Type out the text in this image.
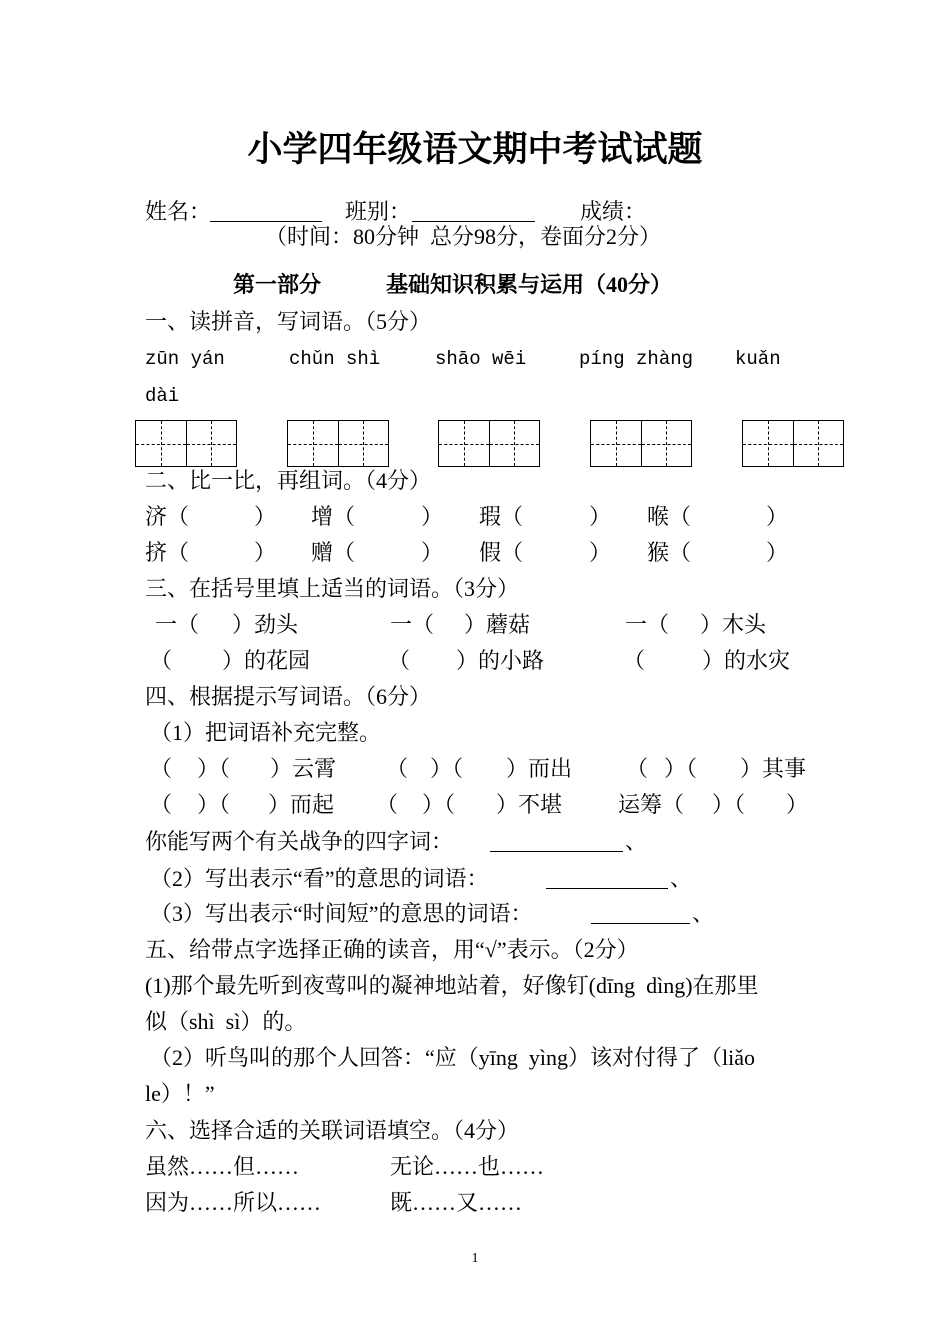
小学四年级语文期中考试试题
姓名：	班别：	成绩：
（时间：80分钟  总分98分，卷面分2分）
第一部分	基础知识积累与运用（40分）
一、读拼音，写词语。（5分）
zūn yán	chǔn shì	shāo wēi	píng zhàng kuǎn
dài
二、比一比，再组词。（4分）
济（	） 增（	） 瑕（	） 喉（	）
挤（	） 赠（	） 假（	） 猴（	）
三、在括号里填上适当的词语。（3分）
一（ ）劲头	一（ ）蘑菇	一（ ）木头
（ ）的花园	（ ）的小路	（	）的水灾
四、根据提示写词语。（6分）
（1）把词语补充完整。
（ ）（ ）云霄 （ ）（ ）而出 （ ）（ ）其事
（ ）（ ）而起 （ ）（ ）不堪	运筹（ ）（ ）
你能写两个有关战争的四字词：	、
（2）写出表示“看”的意思的词语：	、
（3）写出表示“时间短”的意思的词语：	、
五、给带点字选择正确的读音，用“√”表示。（2分）
(1)那个最先听到夜莺叫的凝神地站着，好像钉(dīng  dìng)在那里
似（shì  sì）的。
（2）听鸟叫的那个人回答：“应（yīng  yìng）该对付得了（liǎo
le）！”
六、选择合适的关联词语填空。（4分）
虽然……但……	无论……也……
因为……所以……	既……又……
1
